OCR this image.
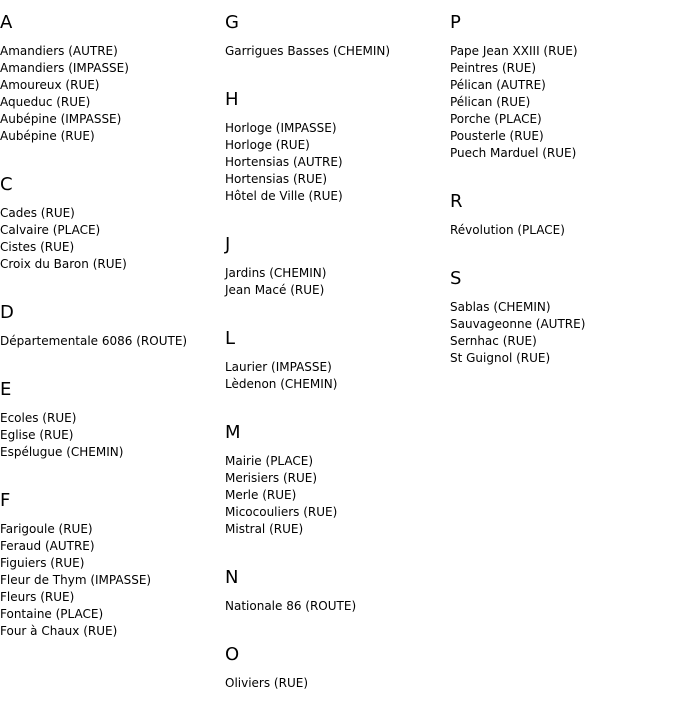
A
Amandiers (AUTRE)
Amandiers (IMPASSE)
Amoureux (RUE)
Aqueduc (RUE)
Aubépine (IMPASSE)
Aubépine (RUE)
C
Cades (RUE)
Calvaire (PLACE)
Cistes (RUE)
Croix du Baron (RUE)
D
Départementale 6086 (ROUTE)
E
Ecoles (RUE)
Eglise (RUE)
Espélugue (CHEMIN)
F
Farigoule (RUE)
Feraud (AUTRE)
Figuiers (RUE)
Fleur de Thym (IMPASSE)
Fleurs (RUE)
Fontaine (PLACE)
Four à Chaux (RUE)
G
Garrigues Basses (CHEMIN)
H
Horloge (IMPASSE)
Horloge (RUE)
Hortensias (AUTRE)
Hortensias (RUE)
Hôtel de Ville (RUE)
J
Jardins (CHEMIN)
Jean Macé (RUE)
L
Laurier (IMPASSE)
Lèdenon (CHEMIN)
M
Mairie (PLACE)
Merisiers (RUE)
Merle (RUE)
Micocouliers (RUE)
Mistral (RUE)
N
Nationale 86 (ROUTE)
O
Oliviers (RUE)
P
Pape Jean XXIII (RUE)
Peintres (RUE)
Pélican (AUTRE)
Pélican (RUE)
Porche (PLACE)
Pousterle (RUE)
Puech Marduel (RUE)
R
Révolution (PLACE)
S
Sablas (CHEMIN)
Sauvageonne (AUTRE)
Sernhac (RUE)
St Guignol (RUE)
